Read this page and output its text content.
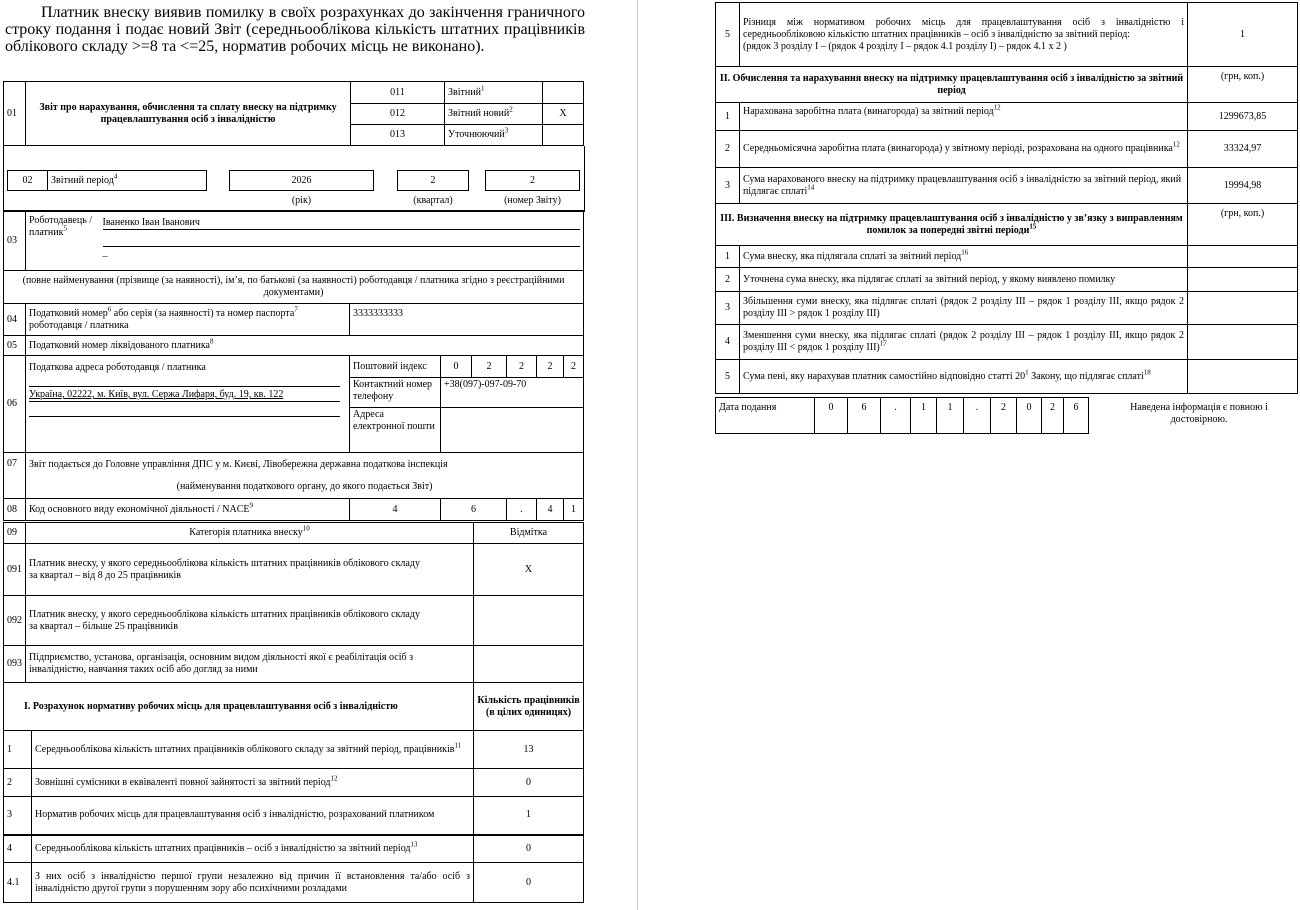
Платник внеску виявив помилку в своїх розрахунках до закінчення граничного строку подання і подає новий Звіт (середньооблікова кількість штатних працівників облікового складу >=8 та <=25, норматив робочих місць не виконано).
01	Звіт про нарахування, обчислення та сплату внеску на підтримку працевлаштування осіб з інвалідністю	011	Звітний$^1$	
		012	Звітний новий$^2$	X
		013	Уточнюючий$^3$	
02	Звітний період$^4$	2026	2	2
(рік)	(квартал)	(номер Звіту)
03	Роботодавець / платник$^5$	Іваненко Іван Іванович
–						

(повне найменування (прізвище (за наявності), ім’я, по батькові (за наявності) роботодавця / платника згідно з реєстраційними документами)								
04	Податковий номер$^6$ або серія (за наявності) та номер паспорта$^7$ роботодавця / платника		3333333333					
05	Податковий номер ліквідованого платника$^8$
06	Податкова адреса роботодавця / платника
Україна, 02222, м. Київ, вул. Сержа Лифаря, буд. 19, кв. 122		Поштовий індекс	0	2	2	2	2
			Контактний номер телефону	+38(097)-097-09-70				
			Адреса електронної пошти					
07	Звіт подається до Головне управління ДПС у м. Києві, Лівобережна державна податкова інспекція							
	(найменування податкового органу, до якого подається Звіт)							
08	Код основного виду економічної діяльності / NACE$^9$		4	6		.	4	1
09	Категорія платника внеску$^{10}$	Відмітка
091	Платник внеску, у якого середньооблікова кількість штатних працівників облікового складу
за квартал – від 8 до 25 працівників	X
092	Платник внеску, у якого середньооблікова кількість штатних працівників облікового складу
за квартал – більше 25 працівників	

093	Підприємство, установа, організація, основним видом діяльності якої є реабілітація осіб з інвалідністю, навчання таких осіб або догляд за ними	
I. Розрахунок нормативу робочих місць для працевлаштування осіб з інвалідністю		Кількість працівників (в цілих одиницях)
1	Середньооблікова кількість штатних працівників облікового складу за звітний період, працівників$^{11}$	13
2	Зовнішні сумісники в еквіваленті повної зайнятості за звітний період$^{12}$	0
3	Норматив робочих місць для працевлаштування осіб з інвалідністю, розрахований платником	1
4	Середньооблікова кількість штатних працівників – осіб з інвалідністю за звітний період$^{13}$	0
4.1	З них осіб з інвалідністю першої групи незалежно від причин її встановлення та/або осіб з інвалідністю другої групи з порушенням зору або психічними розладами	0
5	Різниця між нормативом робочих місць для працевлаштування осіб з інвалідністю і середньообліковою кількістю штатних працівників – осіб з інвалідністю за звітний період:
(рядок 3 розділу I – (рядок 4 розділу I – рядок 4.1 розділу I) – рядок 4.1 х 2 )	1
II. Обчислення та нарахування внеску на підтримку працевлаштування осіб з інвалідністю за звітний період		(грн, коп.)
1	Нарахована заробітна плата (винагорода) за звітний період$^{12}$	1299673,85
2	Середньомісячна заробітна плата (винагорода) у звітному періоді, розрахована на одного працівника$^{12}$	33324,97
3	Сума нарахованого внеску на підтримку працевлаштування осіб з інвалідністю за звітний період, який підлягає сплаті$^{14}$	19994,98
III. Визначення внеску на підтримку працевлаштування осіб з інвалідністю у зв’язку з виправленням помилок за попередні звітні періоди$^{15}$		(грн, коп.)
1	Сума внеску, яка підлягала сплаті за звітний період$^{16}$	
2	Уточнена сума внеску, яка підлягає сплаті за звітний період, у якому виявлено помилку	
3	Збільшення суми внеску, яка підлягає сплаті (рядок 2 розділу III – рядок 1 розділу III, якщо рядок 2 розділу III > рядок 1 розділу III)	
4	Зменшення суми внеску, яка підлягає сплаті (рядок 2 розділу III – рядок 1 розділу III, якщо рядок 2 розділу III < рядок 1 розділу III)$^{17}$	
5	Сума пені, яку нарахував платник самостійно відповідно статті $20^1$ Закону, що підлягає сплаті$^{18}$	
Дата подання	0	6	.	1	1	.	2	0	2	6	Наведена інформація є повною і достовірною.
